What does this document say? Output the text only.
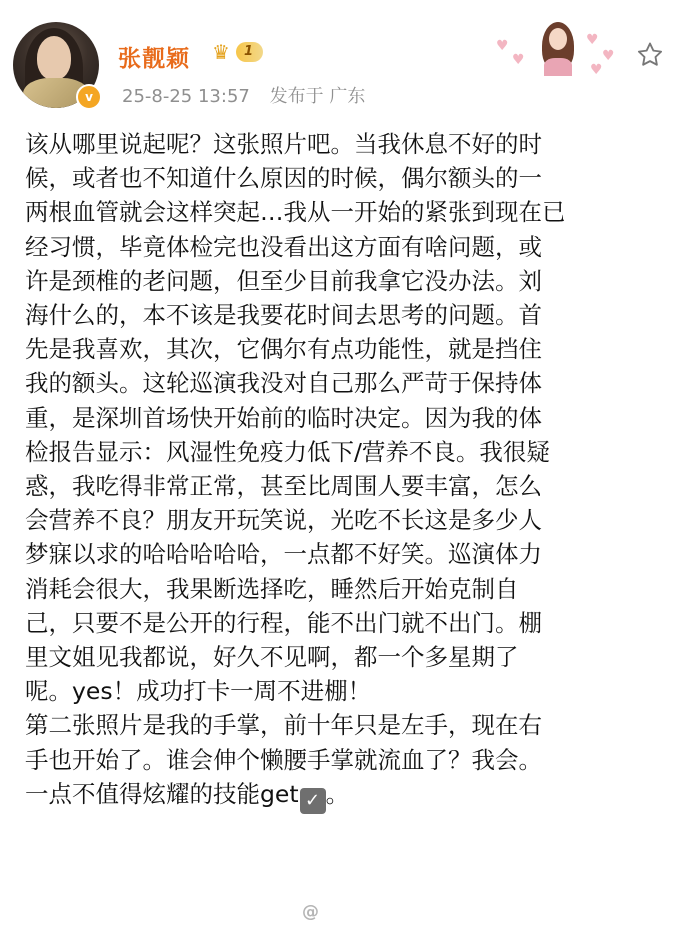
v
张靓颖 ♛	1
25-8-25 13:57 发布于 广东
♥
♥
♥
♥
♥

该从哪里说起呢？这张照片吧。当我休息不好的时

候，或者也不知道什么原因的时候，偶尔额头的一

两根血管就会这样突起…我从一开始的紧张到现在已

经习惯，毕竟体检完也没看出这方面有啥问题，或

许是颈椎的老问题，但至少目前我拿它没办法。刘

海什么的，本不该是我要花时间去思考的问题。首

先是我喜欢，其次，它偶尔有点功能性，就是挡住

我的额头。这轮巡演我没对自己那么严苛于保持体

重，是深圳首场快开始前的临时决定。因为我的体

检报告显示：风湿性免疫力低下/营养不良。我很疑

惑，我吃得非常正常，甚至比周围人要丰富，怎么

会营养不良？朋友开玩笑说，光吃不长这是多少人

梦寐以求的哈哈哈哈哈，一点都不好笑。巡演体力

消耗会很大，我果断选择吃，睡然后开始克制自

己，只要不是公开的行程，能不出门就不出门。棚

里文姐见我都说，好久不见啊，都一个多星期了

呢。yes！成功打卡一周不进棚！

第二张照片是我的手掌，前十年只是左手，现在右

手也开始了。谁会伸个懒腰手掌就流血了？我会。

一点不值得炫耀的技能get ✓ 。

@
